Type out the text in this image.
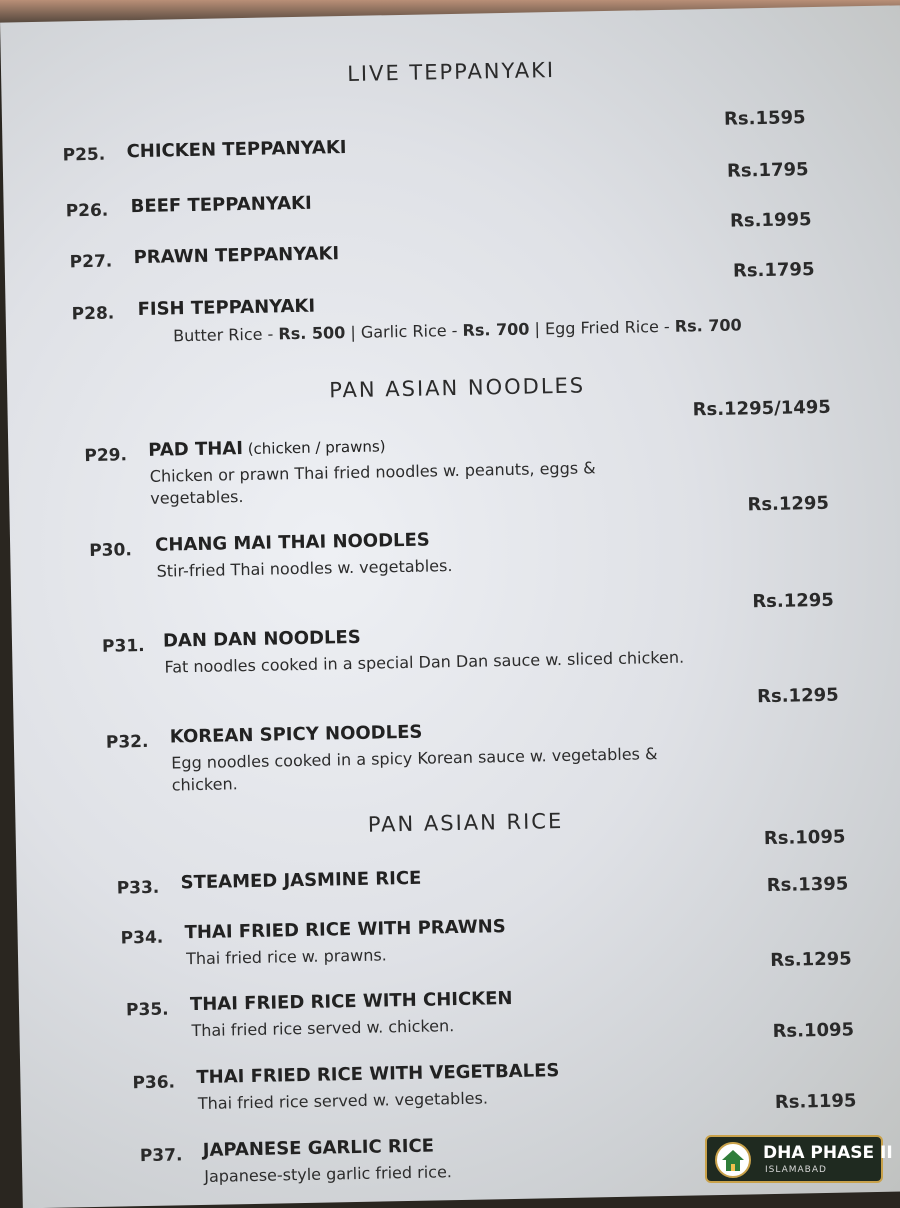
LIVE TEPPANYAKI
P25. CHICKEN TEPPANYAKI
Rs.1595
P26. BEEF TEPPANYAKI
Rs.1795
P27. PRAWN TEPPANYAKI
Rs.1995
P28. FISH TEPPANYAKI
Rs.1795
Butter Rice - Rs. 500 | Garlic Rice - Rs. 700 | Egg Fried Rice - Rs. 700
PAN ASIAN NOODLES
P29. PAD THAI (chicken / prawns)
Rs.1295/1495
Chicken or prawn Thai fried noodles w. peanuts, eggs & vegetables.
P30. CHANG MAI THAI NOODLES
Rs.1295
Stir-fried Thai noodles w. vegetables.
P31. DAN DAN NOODLES
Rs.1295
Fat noodles cooked in a special Dan Dan sauce w. sliced chicken.
P32. KOREAN SPICY NOODLES
Rs.1295
Egg noodles cooked in a spicy Korean sauce w. vegetables & chicken.
PAN ASIAN RICE
P33. STEAMED JASMINE RICE
Rs.1095
P34. THAI FRIED RICE WITH PRAWNS
Rs.1395
Thai fried rice w. prawns.
P35. THAI FRIED RICE WITH CHICKEN
Rs.1295
Thai fried rice served w. chicken.
P36. THAI FRIED RICE WITH VEGETBALES
Rs.1095
Thai fried rice served w. vegetables.
P37. JAPANESE GARLIC RICE
Rs.1195
Japanese-style garlic fried rice.
DHA PHASE II
ISLAMABAD
